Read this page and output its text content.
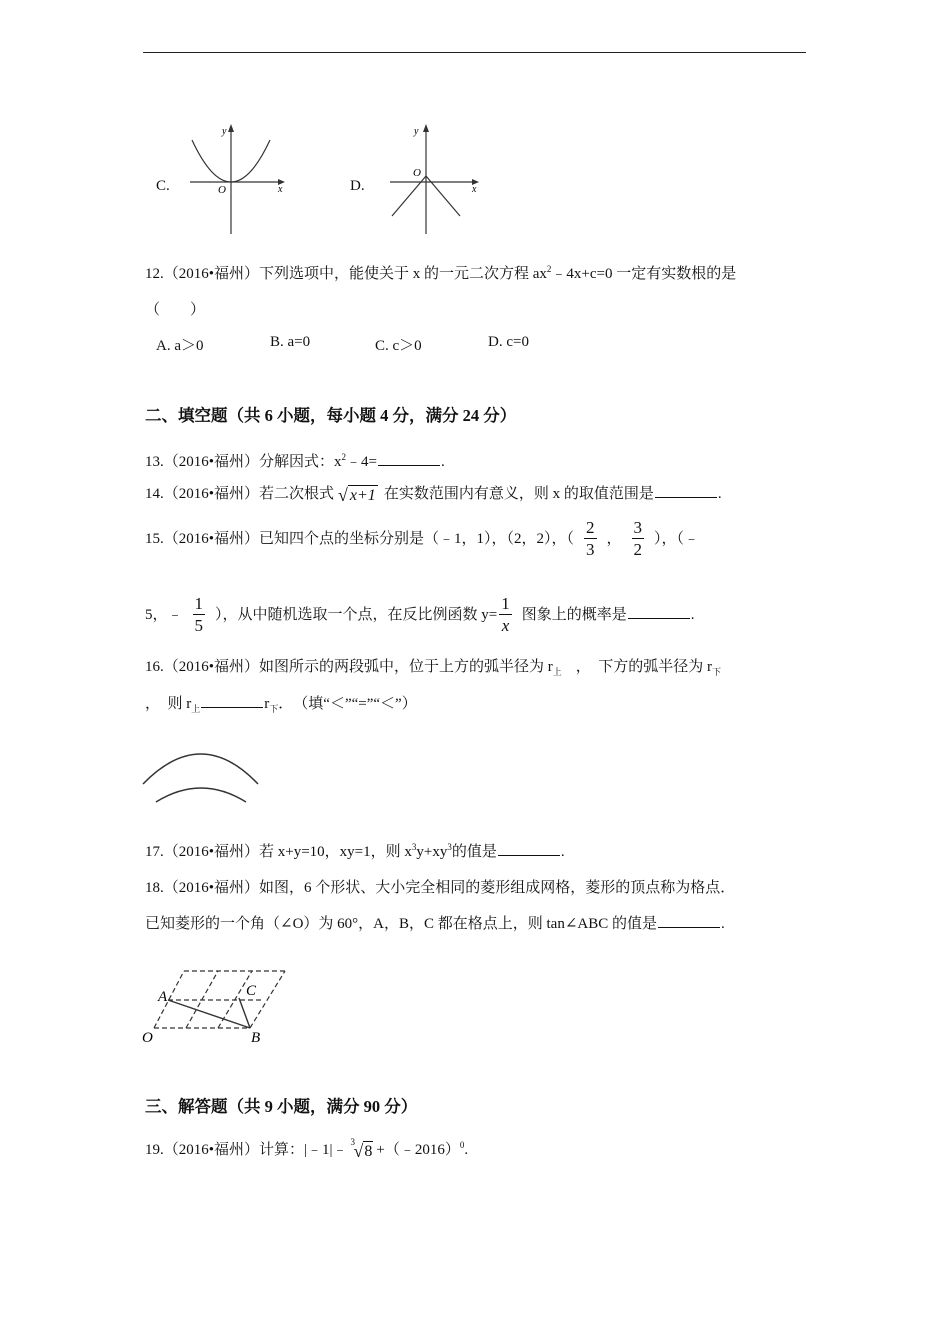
C.
y
x
O	D.
y
x
O
12.（2016•福州）下列选项中，能使关于 x 的一元二次方程 $ax^2﹣4x+c=0$ 一定有实数根的是
（　　）
A. a＞0	B. a=0	C. c＞0	D. c=0
二、填空题（共 6 小题，每小题 4 分，满分 24 分）
13.（2016•福州）分解因式：$x^2﹣4=$	.
14.（2016•福州）若二次根式 √ x+1 在实数范围内有意义，则 x 的取值范围是	.
15.（2016•福州）已知四个点的坐标分别是（﹣1，1），（2，2），（ $\frac{2}{3}$ ， $\frac{3}{2}$ ），（﹣
5，﹣ $\frac{1}{5}$ ），从中随机选取一个点，在反比例函数 $y= \frac{1}{x}$ 图象上的概率是	.
16.（2016•福州）如图所示的两段弧中，位于上方的弧半径为 $r_上$ ，　下方的弧半径为 $r_下$
，　则 $r_上$	$r_下$．　（填“＜”“=”“＜”）
17.（2016•福州）若 x+y=10，xy=1，则 $x^3y+xy^3$的值是	.
18.（2016•福州）如图，6 个形状、大小完全相同的菱形组成网格，菱形的顶点称为格点．
已知菱形的一个角（∠O）为 60°，A，B，C 都在格点上，则 tan∠ABC 的值是	.
A	C
O	B
三、解答题（共 9 小题，满分 90 分）
19.（2016•福州）计算：|﹣1|﹣
3
√ 8 +（﹣2016）$^0$.
